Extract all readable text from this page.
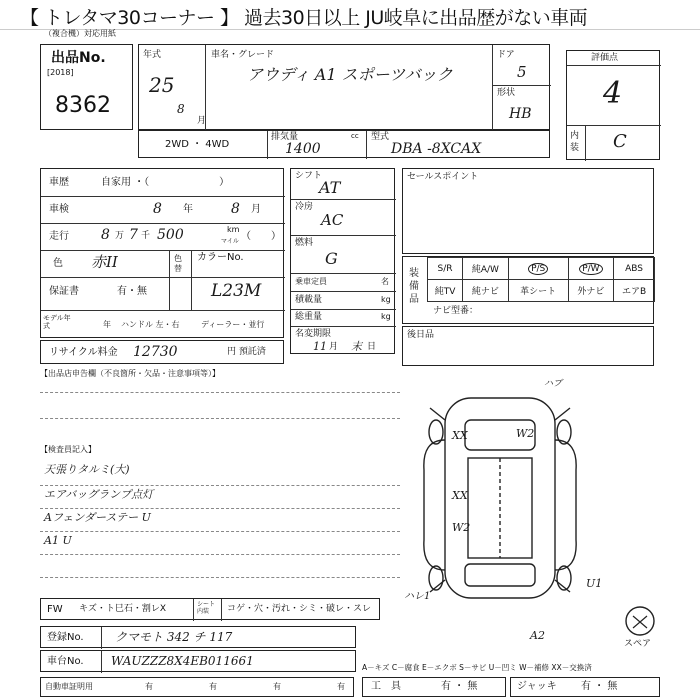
【 トレタマ30コーナー 】 過去30日以上 JU岐阜に出品歴がない車両
（複合機）対応用紙
出品No.
[2018]
8362
年式
25
8
月
車名・グレード
アウディ A1 スポーツバック
ドア
5
形状
HB
評価点
4
内装 C
2WD ・ 4WD
排気量	cc
1400
型式
DBA -8XCAX
車歴	自家用 ・（　　　　　　　）
車検	8 年	8 月
走行 8 万 7 千 500	km
マイル （　　）
色 赤II	色替
カラーNo.
L23M
保証書	有・無
モデル年式	年 ハンドル 左・右	ディーラー・並行
リサイクル料金 12730	円 預託済
シフト
AT
冷房
AC
燃料
G
乗車定員	名
積載量	kg
総重量	kg
名変期限
11 月 末 日
セールスポイント
装備品
S/R	純A/W	P/S	P/W	ABS
純TV	純ナビ	革シート	外ナビ	エアB
ナビ型番：
後日品
【出品店申告欄（不良箇所・欠品・注意事項等）】
【検査員記入】
天張りタルミ(大)
エアバッグランプ点灯
Aフェンダーステー U
A1 U
ハブ
XX	W2
XX
W2
U1
A2
ハレ1
スペア
FW キズ・ト巳石・割レX	シート内装	コゲ・穴・汚れ・シミ・破レ・スレ
登録No.	クマモト 342 チ 117
車台No. WAUZZZ8X4EB011661	A－キズ C－腐食 E－エクボ S－サビ U－凹ミ W－補修 XX－交換済
自動車証明用	有	有	有	有	工　具	有 ・ 無	ジャッキ 有 ・ 無
